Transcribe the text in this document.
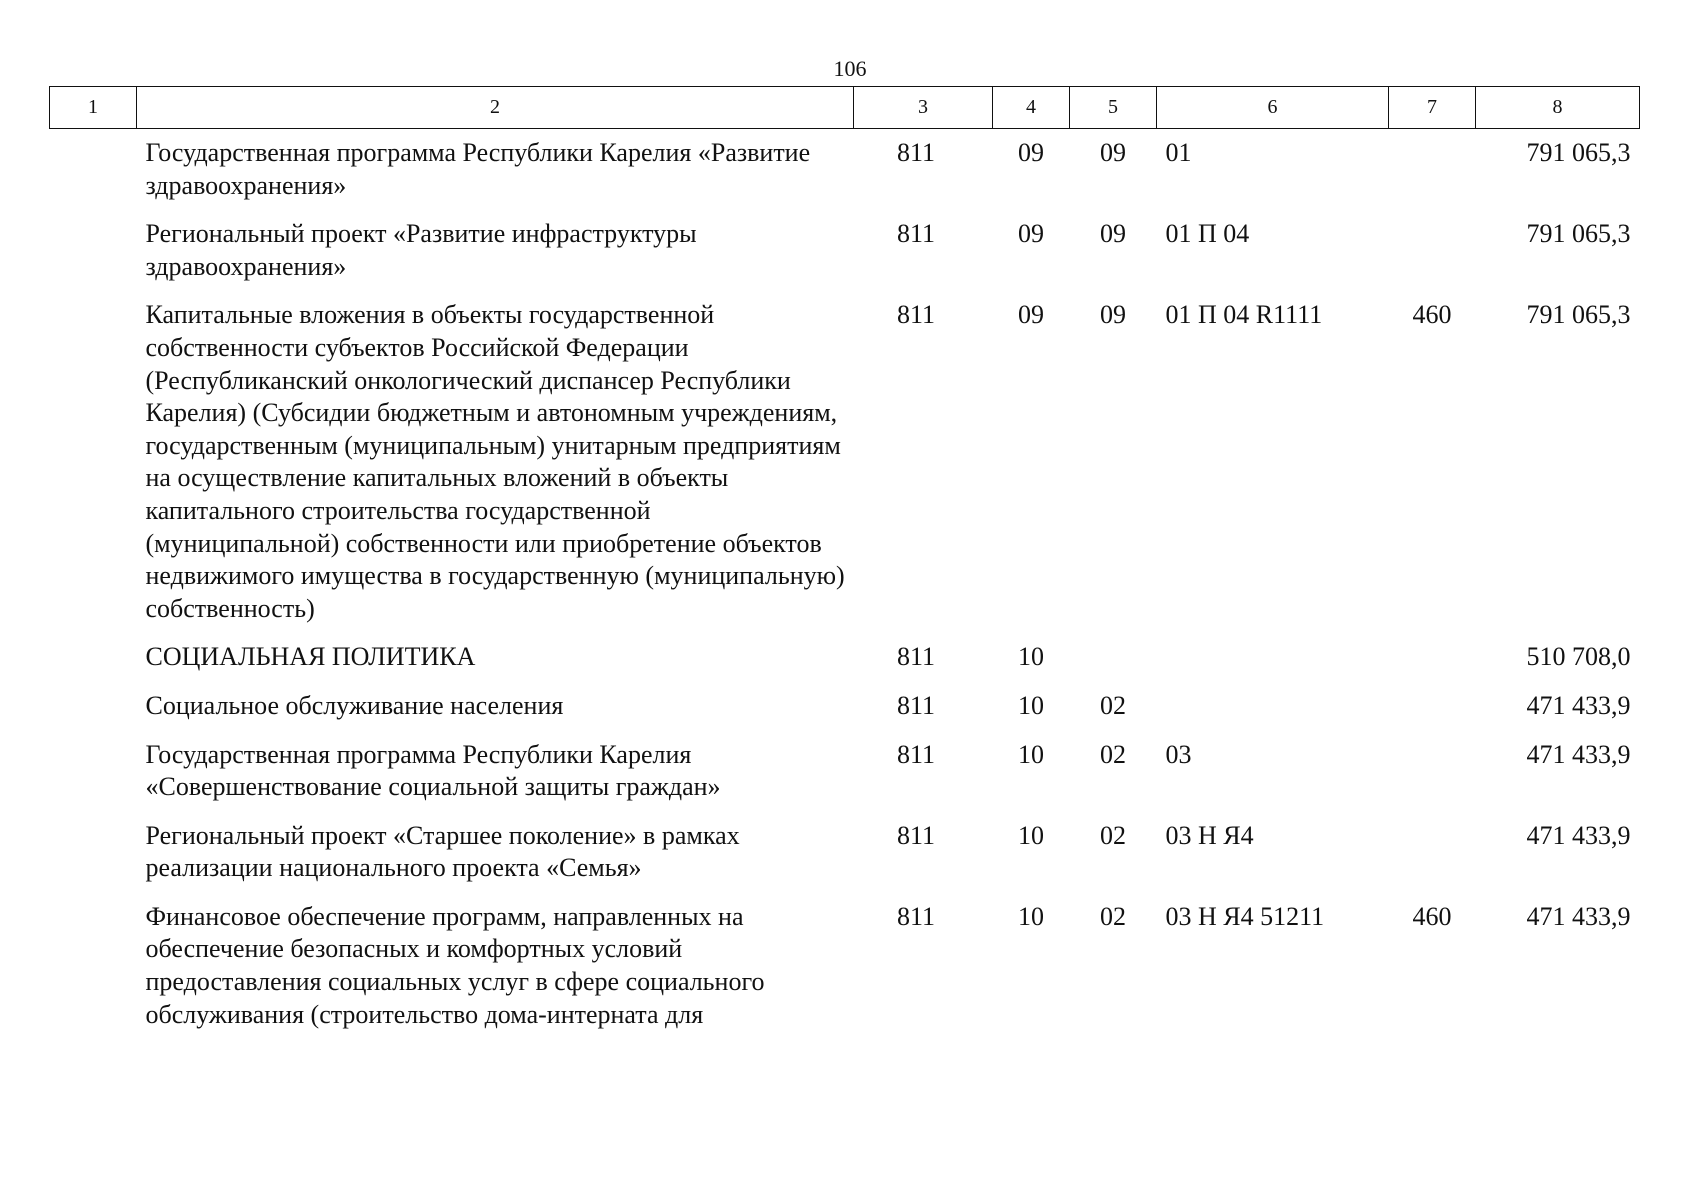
106
1	2	3	4	5	6	7	8
	Государственная программа Республики Карелия «Развитие здравоохранения»	811	09	09	01		791 065,3
	Региональный проект «Развитие инфраструктуры здравоохранения»	811	09	09	01 П 04		791 065,3
	Капитальные вложения в объекты государственной собственности субъектов Российской Федерации (Республиканский онкологический диспансер Республики Карелия) (Субсидии бюджетным и автономным учреждениям, государственным (муниципальным) унитарным предприятиям на осуществление капитальных вложений в объекты капитального строительства государственной (муниципальной) собственности или приобретение объектов недвижимого имущества в государственную (муниципальную) собственность)	811	09	09	01 П 04 R1111	460	791 065,3
	СОЦИАЛЬНАЯ ПОЛИТИКА	811	10				510 708,0
	Социальное обслуживание населения	811	10	02			471 433,9
	Государственная программа Республики Карелия «Совершенствование социальной защиты граждан»	811	10	02	03		471 433,9
	Региональный проект «Старшее поколение» в рамках реализации национального проекта «Семья»	811	10	02	03 Н Я4		471 433,9
	Финансовое обеспечение программ, направленных на обеспечение безопасных и комфортных условий предоставления социальных услуг в сфере социального обслуживания (строительство дома-интерната для	811	10	02	03 Н Я4 51211	460	471 433,9
